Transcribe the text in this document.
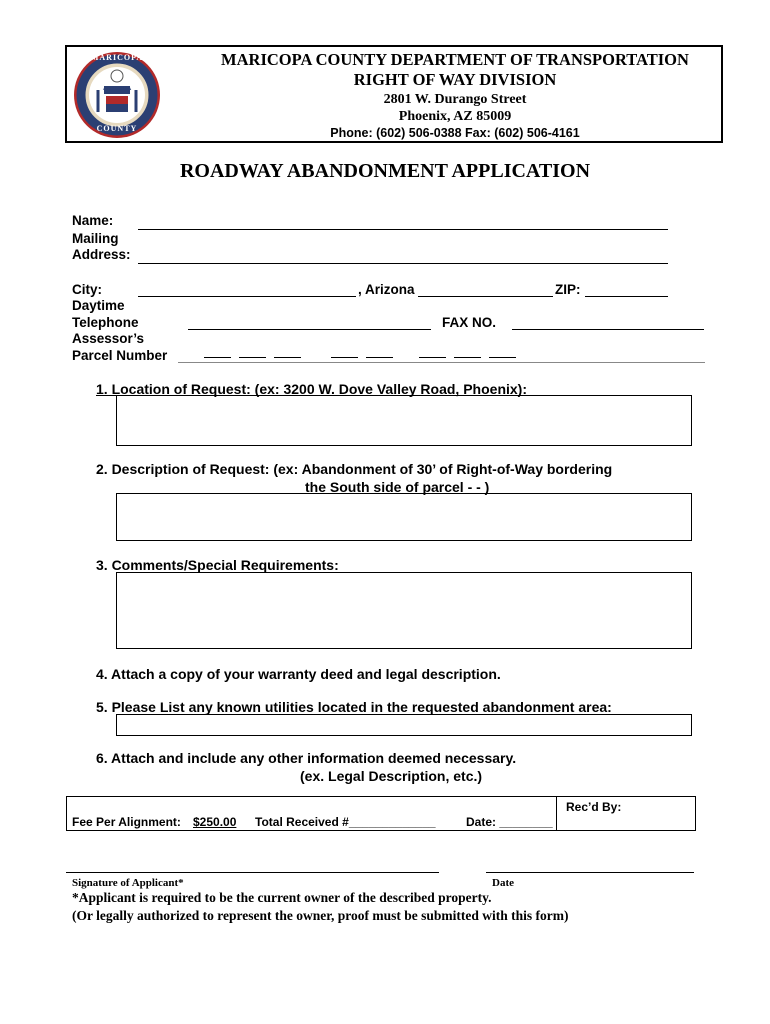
ARIZONA
MARICOPA
COUNTY
MARICOPA COUNTY DEPARTMENT OF TRANSPORTATION
RIGHT OF WAY DIVISION
2801 W. Durango Street
Phoenix, AZ 85009
Phone: (602) 506-0388 Fax: (602) 506-4161
ROADWAY ABANDONMENT APPLICATION
Name:
Mailing
Address:
City:	, Arizona	ZIP:
Daytime
Telephone	FAX NO.
Assessor’s
Parcel Number
1. Location of Request: (ex: 3200 W. Dove Valley Road, Phoenix):
2. Description of Request: (ex: Abandonment of 30’ of Right-of-Way bordering
the South side of parcel - - )
3. Comments/Special Requirements:
4. Attach a copy of your warranty deed and legal description.
5. Please List any known utilities located in the requested abandonment area:
6. Attach and include any other information deemed necessary.
(ex. Legal Description, etc.)
Rec’d By:
Fee Per Alignment: $250.00 Total Received #_____________	Date: ________
Signature of Applicant*	Date
*Applicant is required to be the current owner of the described property.
(Or legally authorized to represent the owner, proof must be submitted with this form)
